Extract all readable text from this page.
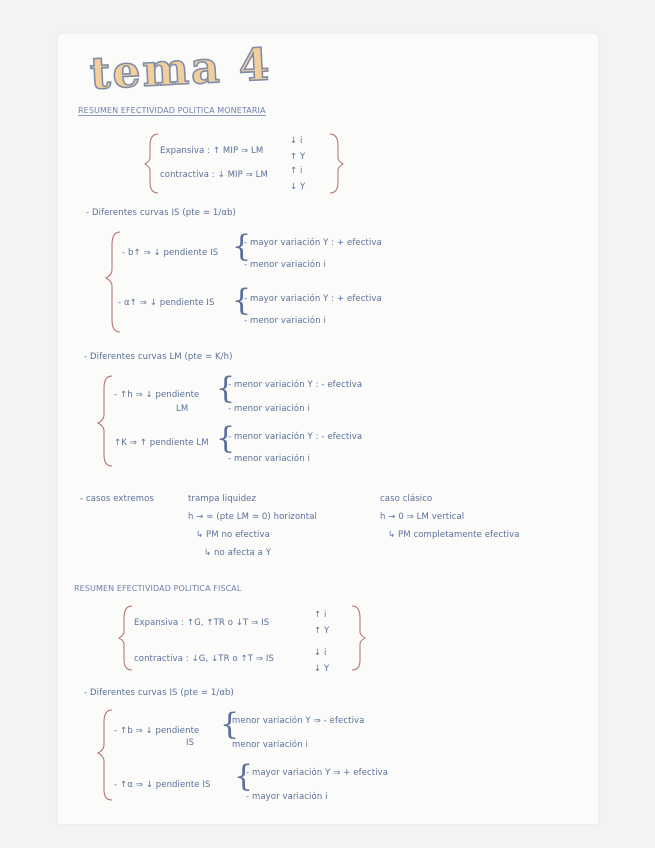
tema 4
RESUMEN EFECTIVIDAD POLITICA MONETARIA
Expansiva : ↑ MIP ⇒ LM
↓ i
↑ Y
contractiva : ↓ MIP ⇒ LM	↑ i
↓ Y
- Diferentes curvas IS (pte = 1/αb)
- b↑ ⇒ ↓ pendiente IS {
- mayor variación Y : + efectiva
- menor variación i
- α↑ ⇒ ↓ pendiente IS {
- mayor variación Y : + efectiva
- menor variación i
- Diferentes curvas LM (pte = K/h)
- ↑h ⇒ ↓ pendiente
LM
{
- menor variación Y : - efectiva
- menor variación i
↑K ⇒ ↑ pendiente LM {
- menor variación Y : - efectiva
- menor variación i
- casos extremos	trampa liquidez
h → ∞ (pte LM = 0) horizontal
↳ PM no efectiva
↳ no afecta a Y
caso clásico
h → 0 ⇒ LM vertical
↳ PM completamente efectiva
RESUMEN EFECTIVIDAD POLITICA FISCAL
Expansiva : ↑G, ↑TR o ↓T ⇒ IS
↑ i
↑ Y
contractiva : ↓G, ↓TR o ↑T ⇒ IS
↓ i
↓ Y
- Diferentes curvas IS (pte = 1/αb)
- ↑b ⇒ ↓ pendiente
IS
{
menor variación Y ⇒ - efectiva
menor variación i
- ↑α ⇒ ↓ pendiente IS {
- mayor variación Y ⇒ + efectiva
- mayor variación i
